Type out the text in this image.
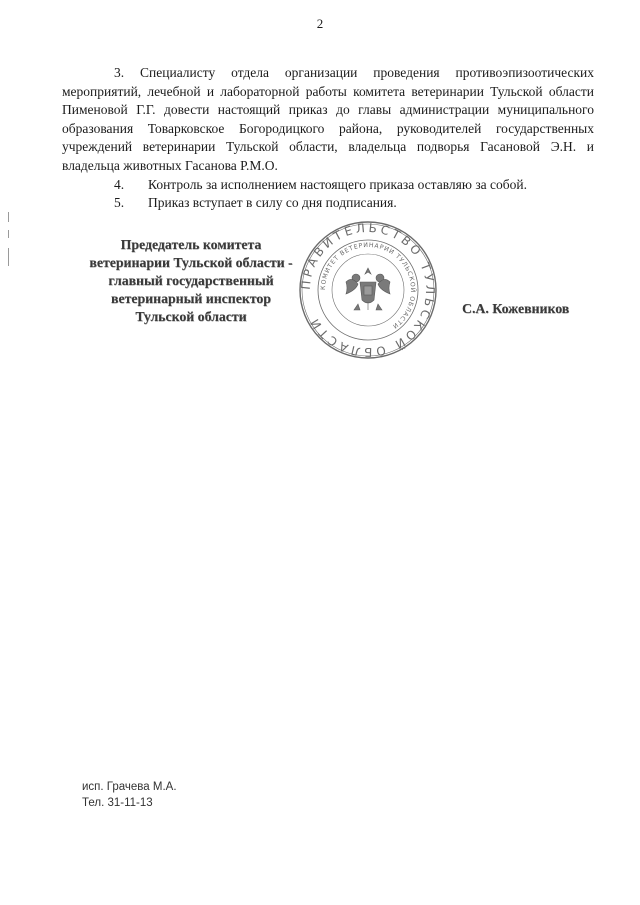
2

3. Специалисту отдела организации проведения противоэпизоотических мероприятий, лечебной и лабораторной работы комитета ветеринарии Тульской области Пименовой Г.Г. довести настоящий приказ до главы администрации муниципального образования Товарковское Богородицкого района, руководителей государственных учреждений ветеринарии Тульской области, владельца подворья Гасановой Э.Н. и владельца животных Гасанова Р.М.О.

4.	Контроль за исполнением настоящего приказа оставляю за собой.
5.	Приказ вступает в силу со дня подписания.
Предедатель комитета
ветеринарии Тульской области -
главный государственный
ветеринарный инспектор
Тульской области
ПРАВИТЕЛЬСТВО ТУЛЬСКОЙ ОБЛАСТИ
КОМИТЕТ ВЕТЕРИНАРИИ ТУЛЬСКОЙ ОБЛАСТИ
С.А. Кожевников
исп. Грачева М.А.
Тел. 31-11-13
